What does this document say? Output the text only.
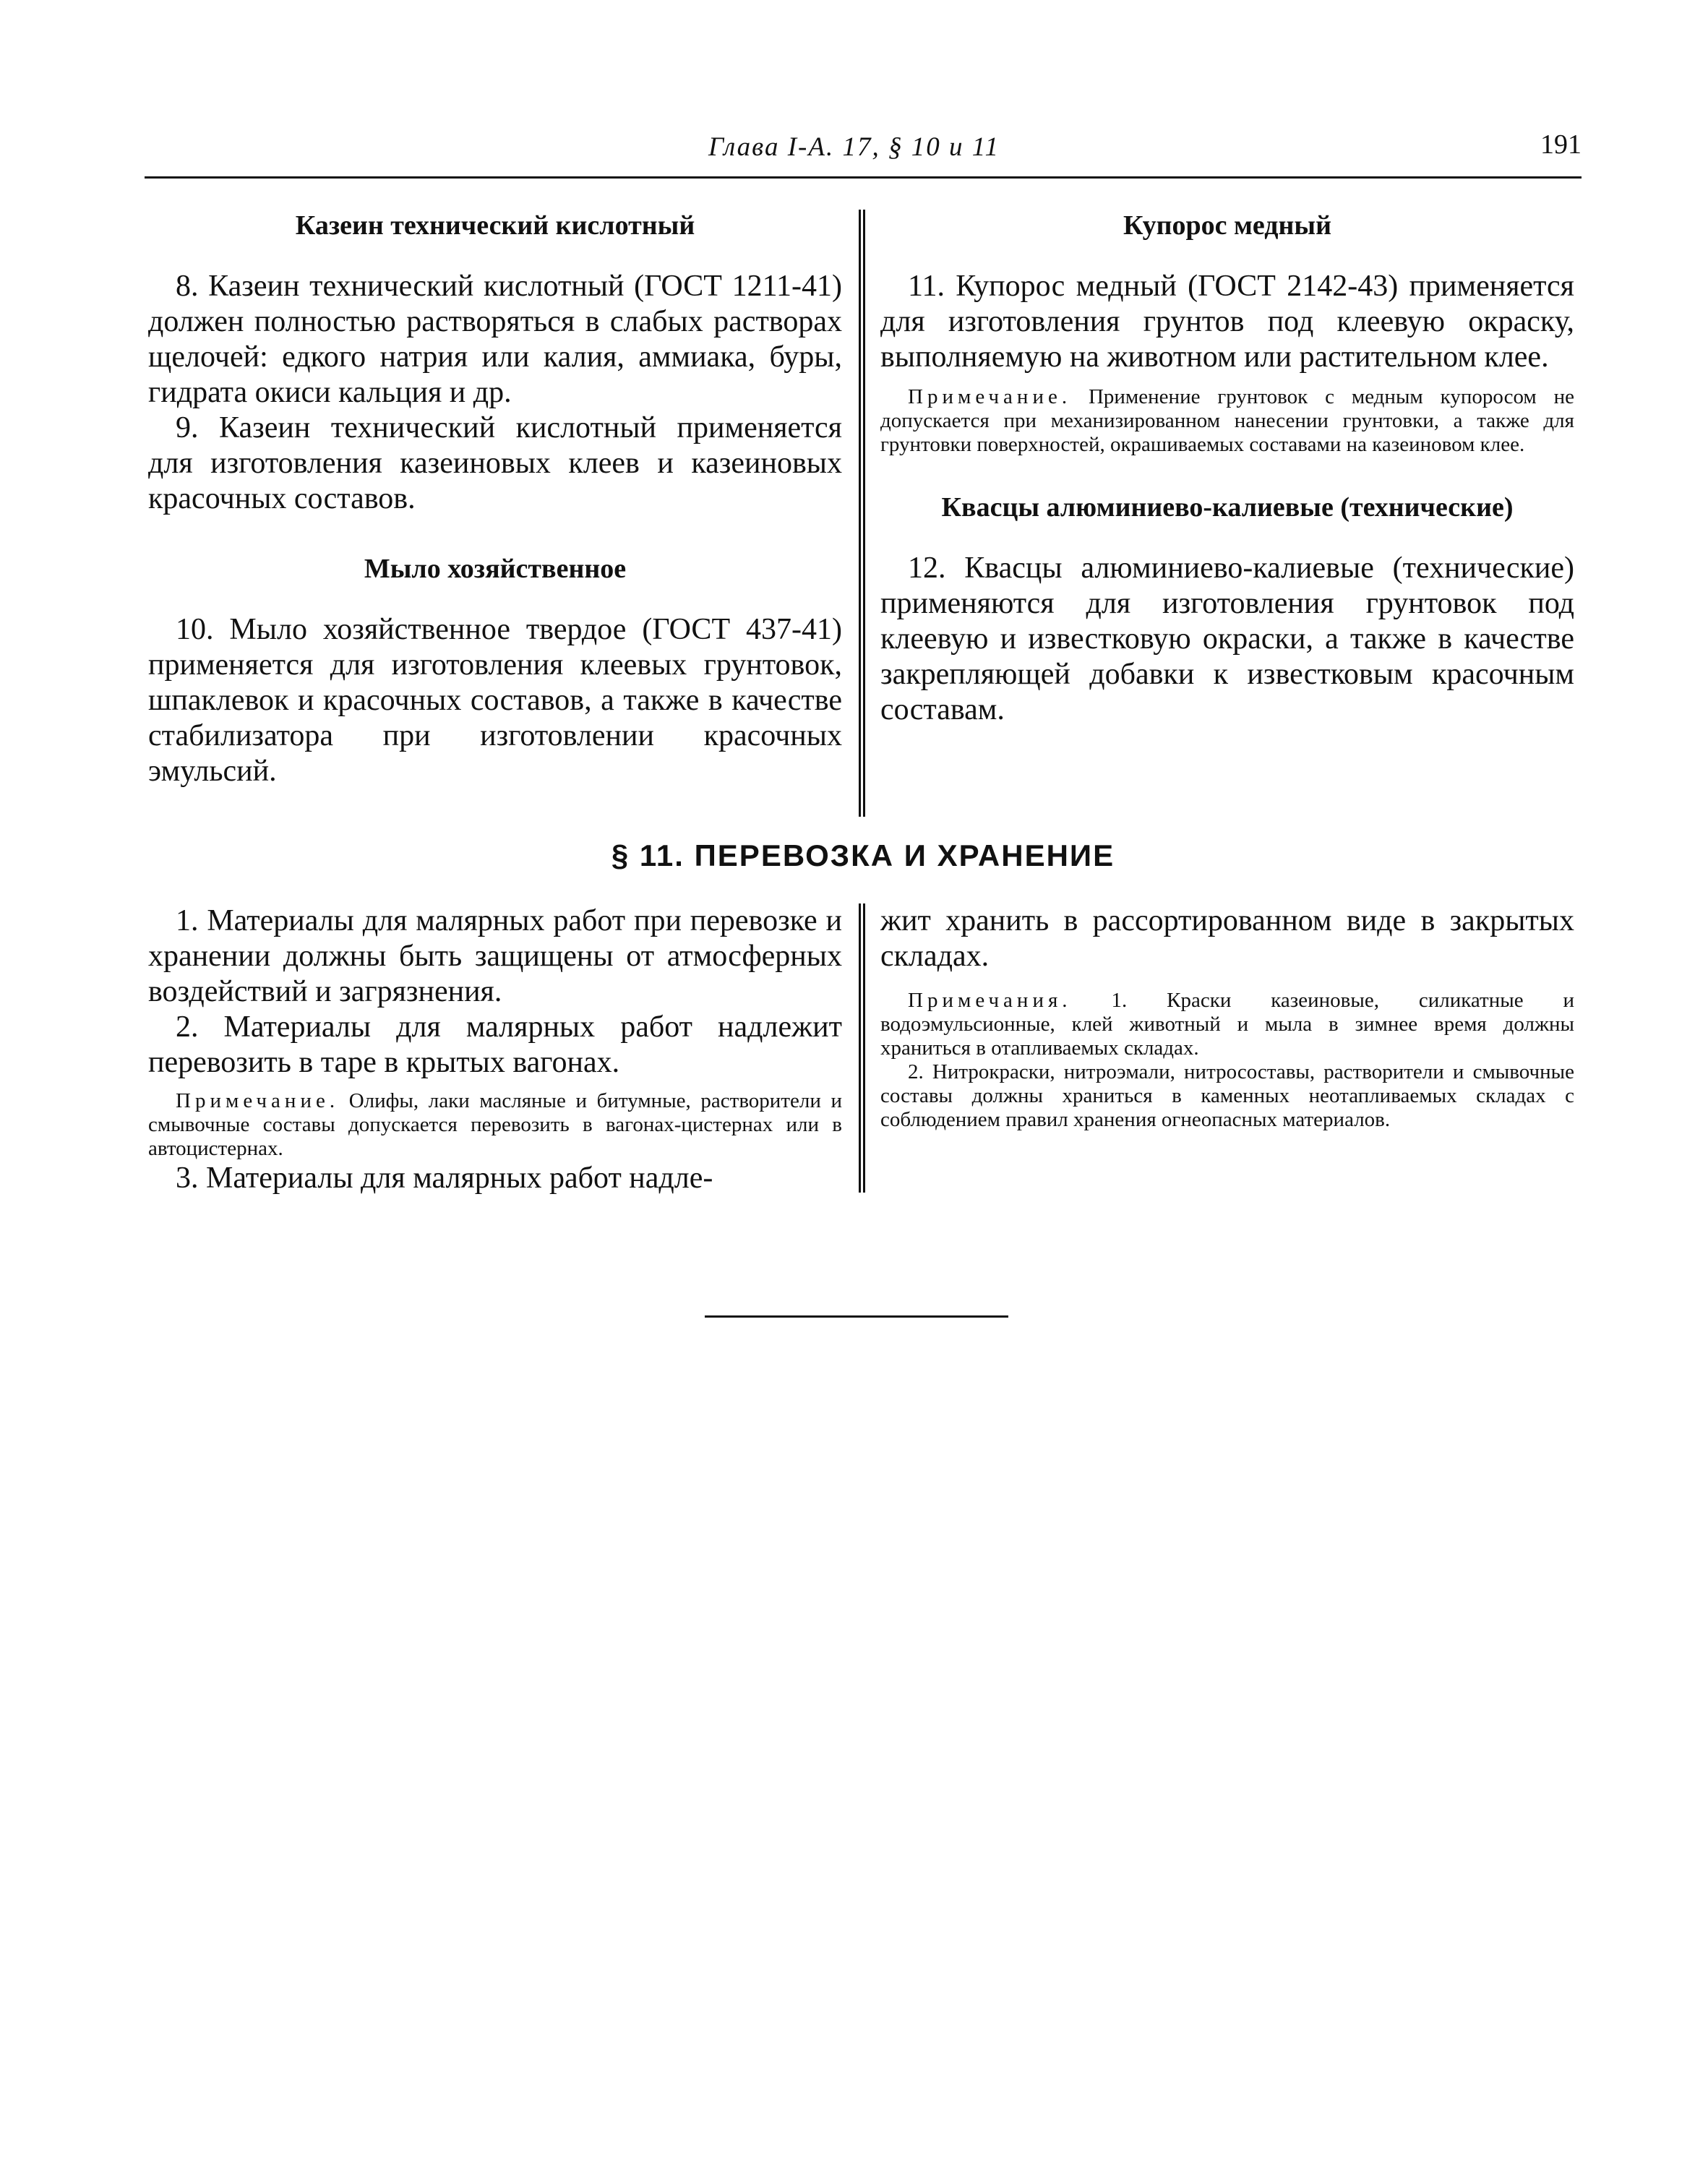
Глава I-А. 17, § 10 и 11	191

Казеин технический кислотный

8. Казеин технический кислотный (ГОСТ 1211-41) должен полностью растворяться в слабых растворах щелочей: едкого натрия или калия, аммиака, буры, гидрата окиси кальция и др.

9. Казеин технический кислотный применяется для изготовления казеиновых клеев и казеиновых красочных составов.

Мыло хозяйственное

10. Мыло хозяйственное твердое (ГОСТ 437-41) применяется для изготовления клеевых грунтовок, шпаклевок и красочных составов, а также в качестве стабилизатора при изготовлении красочных эмульсий.

Купорос медный

11. Купорос медный (ГОСТ 2142-43) применяется для изготовления грунтов под клеевую окраску, выполняемую на животном или растительном клее.

Примечание. Применение грунтовок с медным купоросом не допускается при механизированном нанесении грунтовки, а также для грунтовки поверхностей, окрашиваемых составами на казеиновом клее.

Квасцы алюминиево-калиевые (технические)

12. Квасцы алюминиево-калиевые (технические) применяются для изготовления грунтовок под клеевую и известковую окраски, а также в качестве закрепляющей добавки к известковым красочным составам.

§ 11. ПЕРЕВОЗКА И ХРАНЕНИЕ

1. Материалы для малярных работ при перевозке и хранении должны быть защищены от атмосферных воздействий и загрязнения.

2. Материалы для малярных работ надлежит перевозить в таре в крытых вагонах.

Примечание. Олифы, лаки масляные и битумные, растворители и смывочные составы допускается перевозить в вагонах-цистернах или в автоцистернах.

3. Материалы для малярных работ надле-

жит хранить в рассортированном виде в закрытых складах.

Примечания. 1. Краски казеиновые, силикатные и водоэмульсионные, клей животный и мыла в зимнее время должны храниться в отапливаемых складах.

2. Нитрокраски, нитроэмали, нитросоставы, растворители и смывочные составы должны храниться в каменных неотапливаемых складах с соблюдением правил хранения огнеопасных материалов.
